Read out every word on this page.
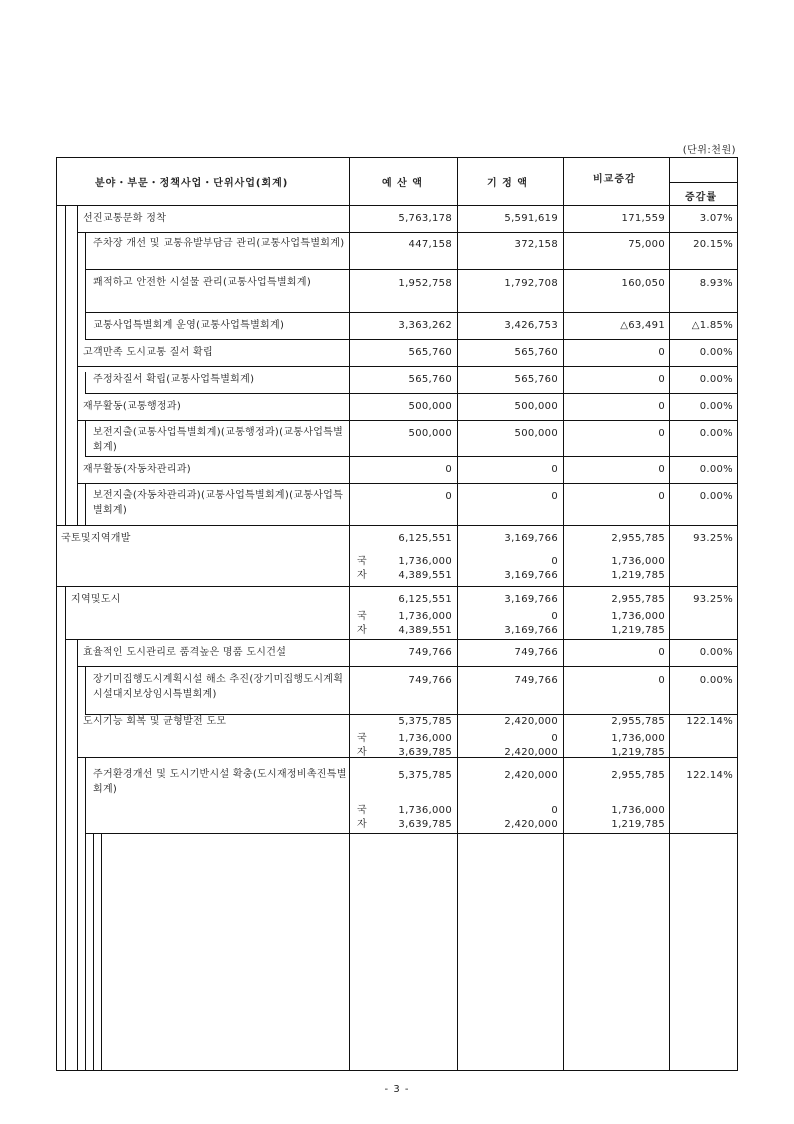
(단위:천원)
분야・부문・정책사업・단위사업(회계)	예 산 액	기 정 액	비교증감
증감률
선진교통문화 정착	5,763,178	5,591,619	171,559	3.07%
주차장 개선 및 교통유발부담금 관리(교통사업특별회계)	447,158	372,158	75,000	20.15%
쾌적하고 안전한 시설물 관리(교통사업특별회계)	1,952,758	1,792,708	160,050	8.93%
교통사업특별회계 운영(교통사업특별회계)	3,363,262	3,426,753	△63,491	△1.85%
고객만족 도시교통 질서 확립	565,760	565,760	0	0.00%
주정차질서 확립(교통사업특별회계)	565,760	565,760	0	0.00%
재무활동(교통행정과)	500,000	500,000	0	0.00%
보전지출(교통사업특별회계)(교통행정과)(교통사업특별회계)
500,000	500,000	0	0.00%
재무활동(자동차관리과)	0	0	0	0.00%
보전지출(자동차관리과)(교통사업특별회계)(교통사업특별회계)
0	0	0	0.00%
국토및지역개발	6,125,551	3,169,766	2,955,785	93.25%
국	1,736,000	0	1,736,000
자	4,389,551	3,169,766	1,219,785
지역및도시	6,125,551	3,169,766	2,955,785	93.25%
국	1,736,000	0	1,736,000
자	4,389,551	3,169,766	1,219,785
효율적인 도시관리로 품격높은 명품 도시건설	749,766	749,766	0	0.00%
장기미집행도시계획시설 해소 추진(장기미집행도시계획시설대지보상임시특별회계)
749,766	749,766	0	0.00%
도시기능 회복 및 균형발전 도모	5,375,785	2,420,000	2,955,785 122.14%
국	1,736,000	0	1,736,000
자	3,639,785	2,420,000	1,219,785
주거환경개선 및 도시기반시설 확충(도시재정비촉진특별회계)
5,375,785	2,420,000	2,955,785 122.14%
국	1,736,000	0	1,736,000
자	3,639,785	2,420,000	1,219,785
- 3 -
